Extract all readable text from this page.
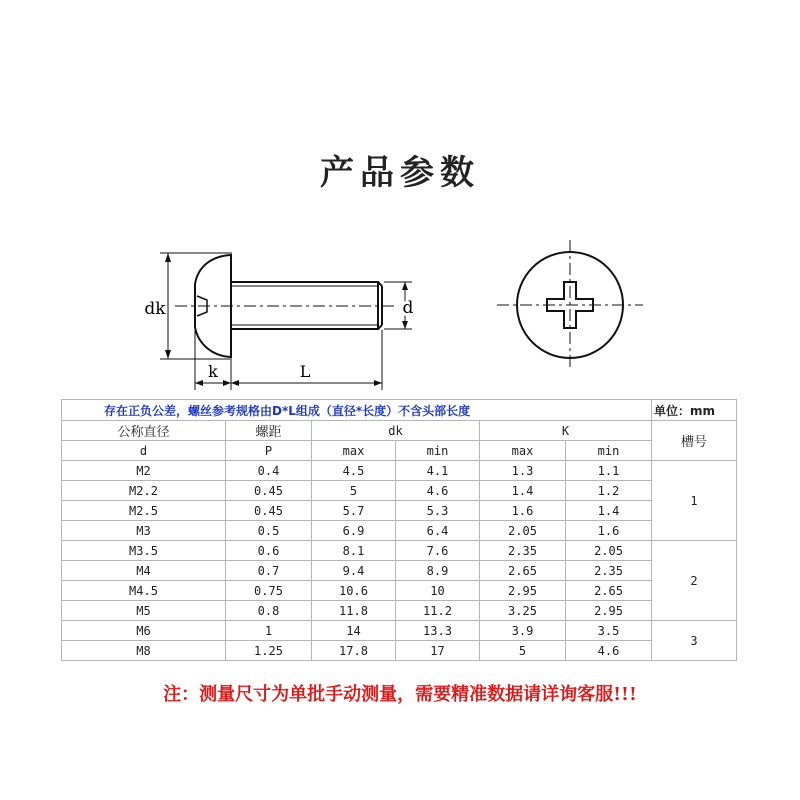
产品参数
dk	d
k	L
存在正负公差，螺丝参考规格由D*L组成（直径*长度）不含头部长度						单位：mm
公称直径	螺距	dk		K		槽号
d	P	max	min	max	min	
M2	0.4	4.5	4.1	1.3	1.1	1
M2.2	0.45	5	4.6	1.4	1.2	
M2.5	0.45	5.7	5.3	1.6	1.4	
M3	0.5	6.9	6.4	2.05	1.6	
M3.5	0.6	8.1	7.6	2.35	2.05	2
M4	0.7	9.4	8.9	2.65	2.35	
M4.5	0.75	10.6	10	2.95	2.65	
M5	0.8	11.8	11.2	3.25	2.95	
M6	1	14	13.3	3.9	3.5	3
M8	1.25	17.8	17	5	4.6	
注：测量尺寸为单批手动测量，需要精准数据请详询客服!!!
